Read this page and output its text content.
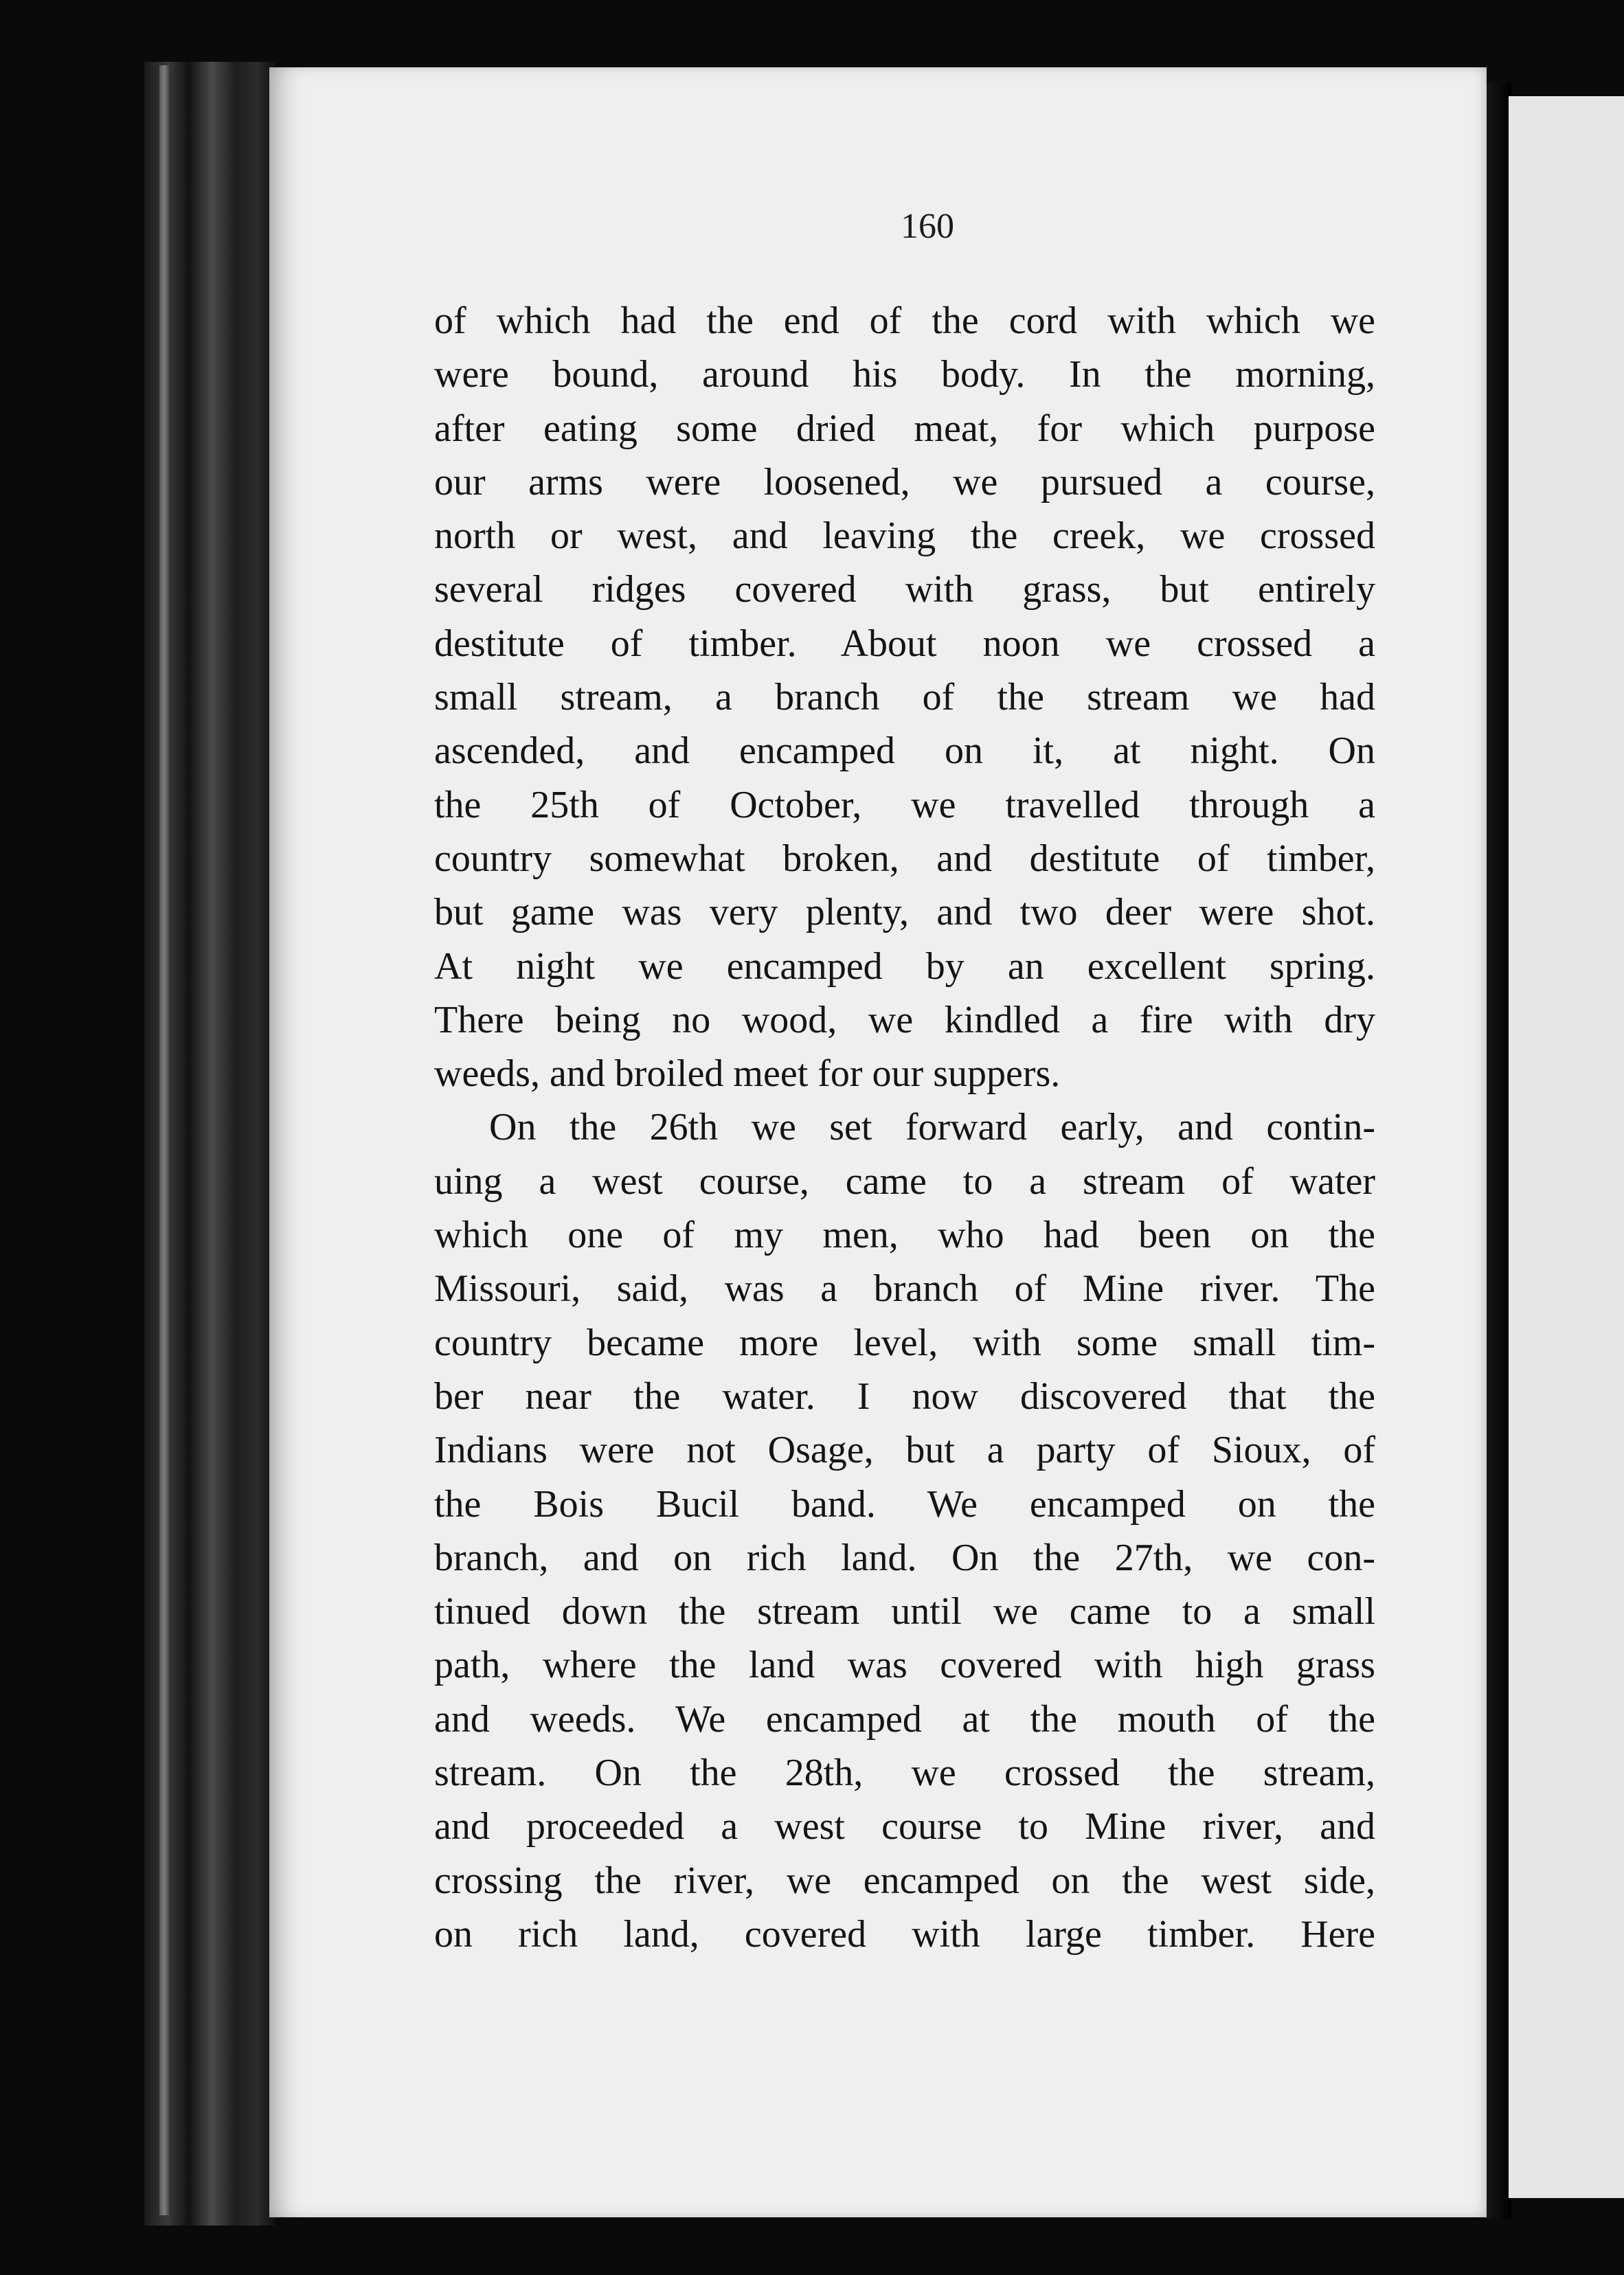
160
of which had the end of the cord with which we
were bound, around his body. In the morning,
after eating some dried meat, for which purpose
our arms were loosened, we pursued a course,
north or west, and leaving the creek, we crossed
several ridges covered with grass, but entirely
destitute of timber. About noon we crossed a
small stream, a branch of the stream we had
ascended, and encamped on it, at night. On
the 25th of October, we travelled through a
country somewhat broken, and destitute of timber,
but game was very plenty, and two deer were shot.
At night we encamped by an excellent spring.
There being no wood, we kindled a fire with dry
weeds, and broiled meet for our suppers.
On the 26th we set forward early, and contin-
uing a west course, came to a stream of water
which one of my men, who had been on the
Missouri, said, was a branch of Mine river. The
country became more level, with some small tim-
ber near the water. I now discovered that the
Indians were not Osage, but a party of Sioux, of
the Bois Bucil band. We encamped on the
branch, and on rich land. On the 27th, we con-
tinued down the stream until we came to a small
path, where the land was covered with high grass
and weeds. We encamped at the mouth of the
stream. On the 28th, we crossed the stream,
and proceeded a west course to Mine river, and
crossing the river, we encamped on the west side,
on rich land, covered with large timber. Here
